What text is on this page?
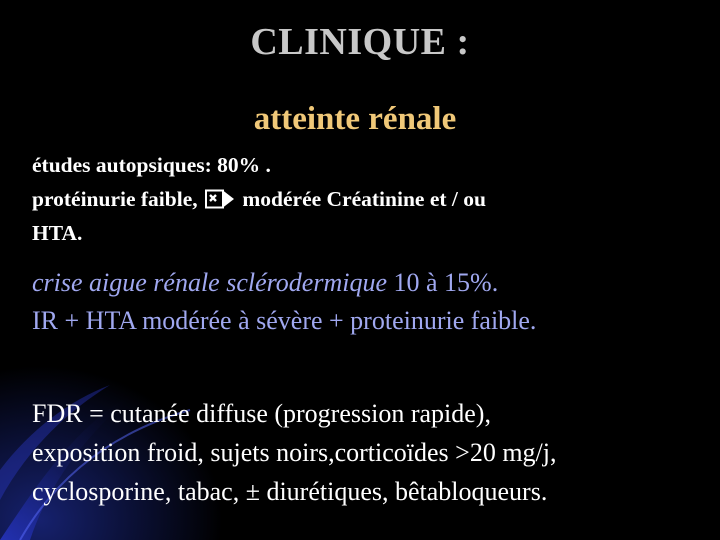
CLINIQUE :
atteinte rénale
études autopsiques: 80% .
protéinurie faible,  modérée Créatinine et / ou
HTA.
crise aigue rénale sclérodermique 10 à 15%.
IR + HTA modérée à sévère + proteinurie faible.
FDR = cutanée diffuse (progression rapide),
exposition froid, sujets noirs,corticoïdes >20 mg/j,
cyclosporine, tabac, ± diurétiques, bêtabloqueurs.
